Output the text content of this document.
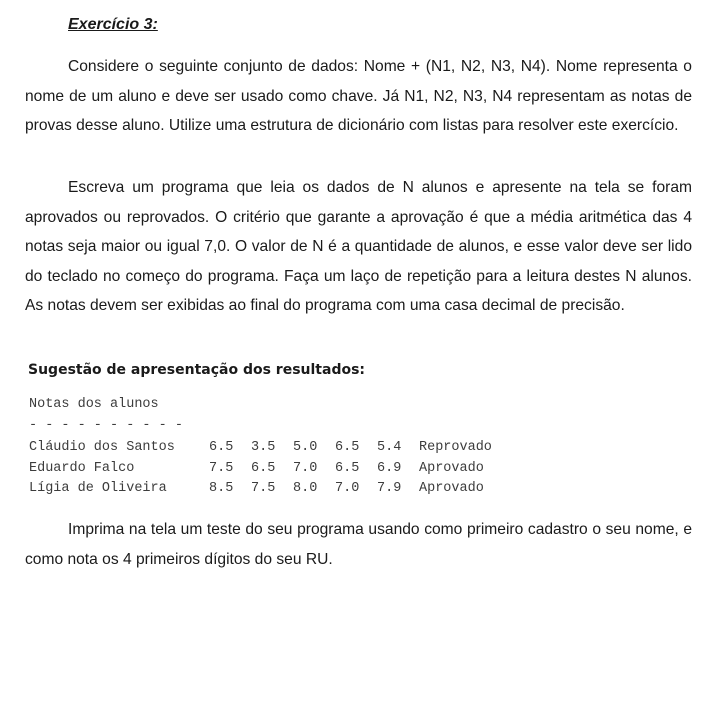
Exercício 3:

Considere o seguinte conjunto de dados: Nome + (N1, N2, N3, N4). Nome representa o nome de um aluno e deve ser usado como chave. Já N1, N2, N3, N4 representam as notas de provas desse aluno. Utilize uma estrutura de dicionário com listas para resolver este exercício.

Escreva um programa que leia os dados de N alunos e apresente na tela se foram aprovados ou reprovados. O critério que garante a aprovação é que a média aritmética das 4 notas seja maior ou igual 7,0. O valor de N é a quantidade de alunos, e esse valor deve ser lido do teclado no começo do programa. Faça um laço de repetição para a leitura destes N alunos. As notas devem ser exibidas ao final do programa com uma casa decimal de precisão.

Sugestão de apresentação dos resultados:
Notas dos alunos
- - - - - - - - - -
Cláudio dos Santos	6.5	3.5	5.0	6.5	5.4	Reprovado
Eduardo Falco	7.5	6.5	7.0	6.5	6.9	Aprovado
Lígia de Oliveira	8.5	7.5	8.0	7.0	7.9	Aprovado

Imprima na tela um teste do seu programa usando como primeiro cadastro o seu nome, e como nota os 4 primeiros dígitos do seu RU.
